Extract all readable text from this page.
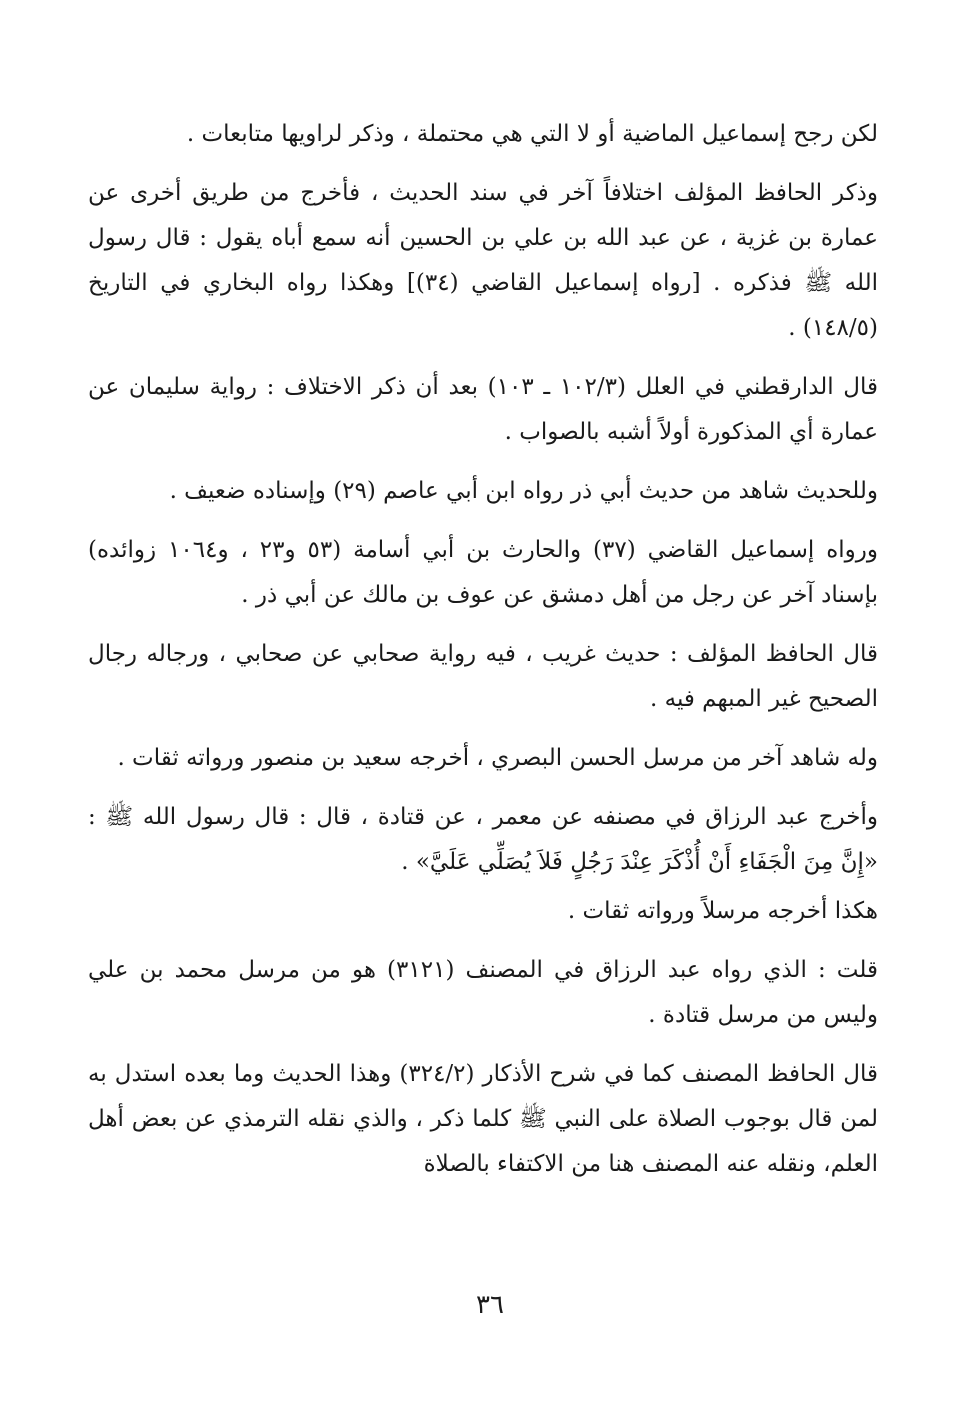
لكن رجح إسماعيل الماضية أو لا التي هي محتملة ، وذكر لراويها متابعات .

وذكر الحافظ المؤلف اختلافاً آخر في سند الحديث ، فأخرج من طريق أخرى عن عمارة بن غزية ، عن عبد الله بن علي بن الحسين أنه سمع أباه يقول : قال رسول الله ﷺ فذكره . [رواه إسماعيل القاضي (٣٤)] وهكذا رواه البخاري في التاريخ (١٤٨/٥) .

قال الدارقطني في العلل (١٠٢/٣ ـ ١٠٣) بعد أن ذكر الاختلاف : رواية سليمان عن عمارة أي المذكورة أولاً أشبه بالصواب .

وللحديث شاهد من حديث أبي ذر رواه ابن أبي عاصم (٢٩) وإسناده ضعيف .

ورواه إسماعيل القاضي (٣٧) والحارث بن أبي أسامة (٥٣ و٢٣ ، و١٠٦٤ زوائده) بإسناد آخر عن رجل من أهل دمشق عن عوف بن مالك عن أبي ذر .

قال الحافظ المؤلف : حديث غريب ، فيه رواية صحابي عن صحابي ، ورجاله رجال الصحيح غير المبهم فيه .

وله شاهد آخر من مرسل الحسن البصري ، أخرجه سعيد بن منصور ورواته ثقات .

وأخرج عبد الرزاق في مصنفه عن معمر ، عن قتادة ، قال : قال رسول الله ﷺ : «إِنَّ مِنَ الْجَفَاءِ أَنْ أُذْكَرَ عِنْدَ رَجُلٍ فَلاَ يُصَلِّي عَلَيَّ» .

هكذا أخرجه مرسلاً ورواته ثقات .

قلت : الذي رواه عبد الرزاق في المصنف (٣١٢١) هو من مرسل محمد بن علي وليس من مرسل قتادة .

قال الحافظ المصنف كما في شرح الأذكار (٣٢٤/٢) وهذا الحديث وما بعده استدل به لمن قال بوجوب الصلاة على النبي ﷺ كلما ذكر ، والذي نقله الترمذي عن بعض أهل العلم، ونقله عنه المصنف هنا من الاكتفاء بالصلاة

٣٦
